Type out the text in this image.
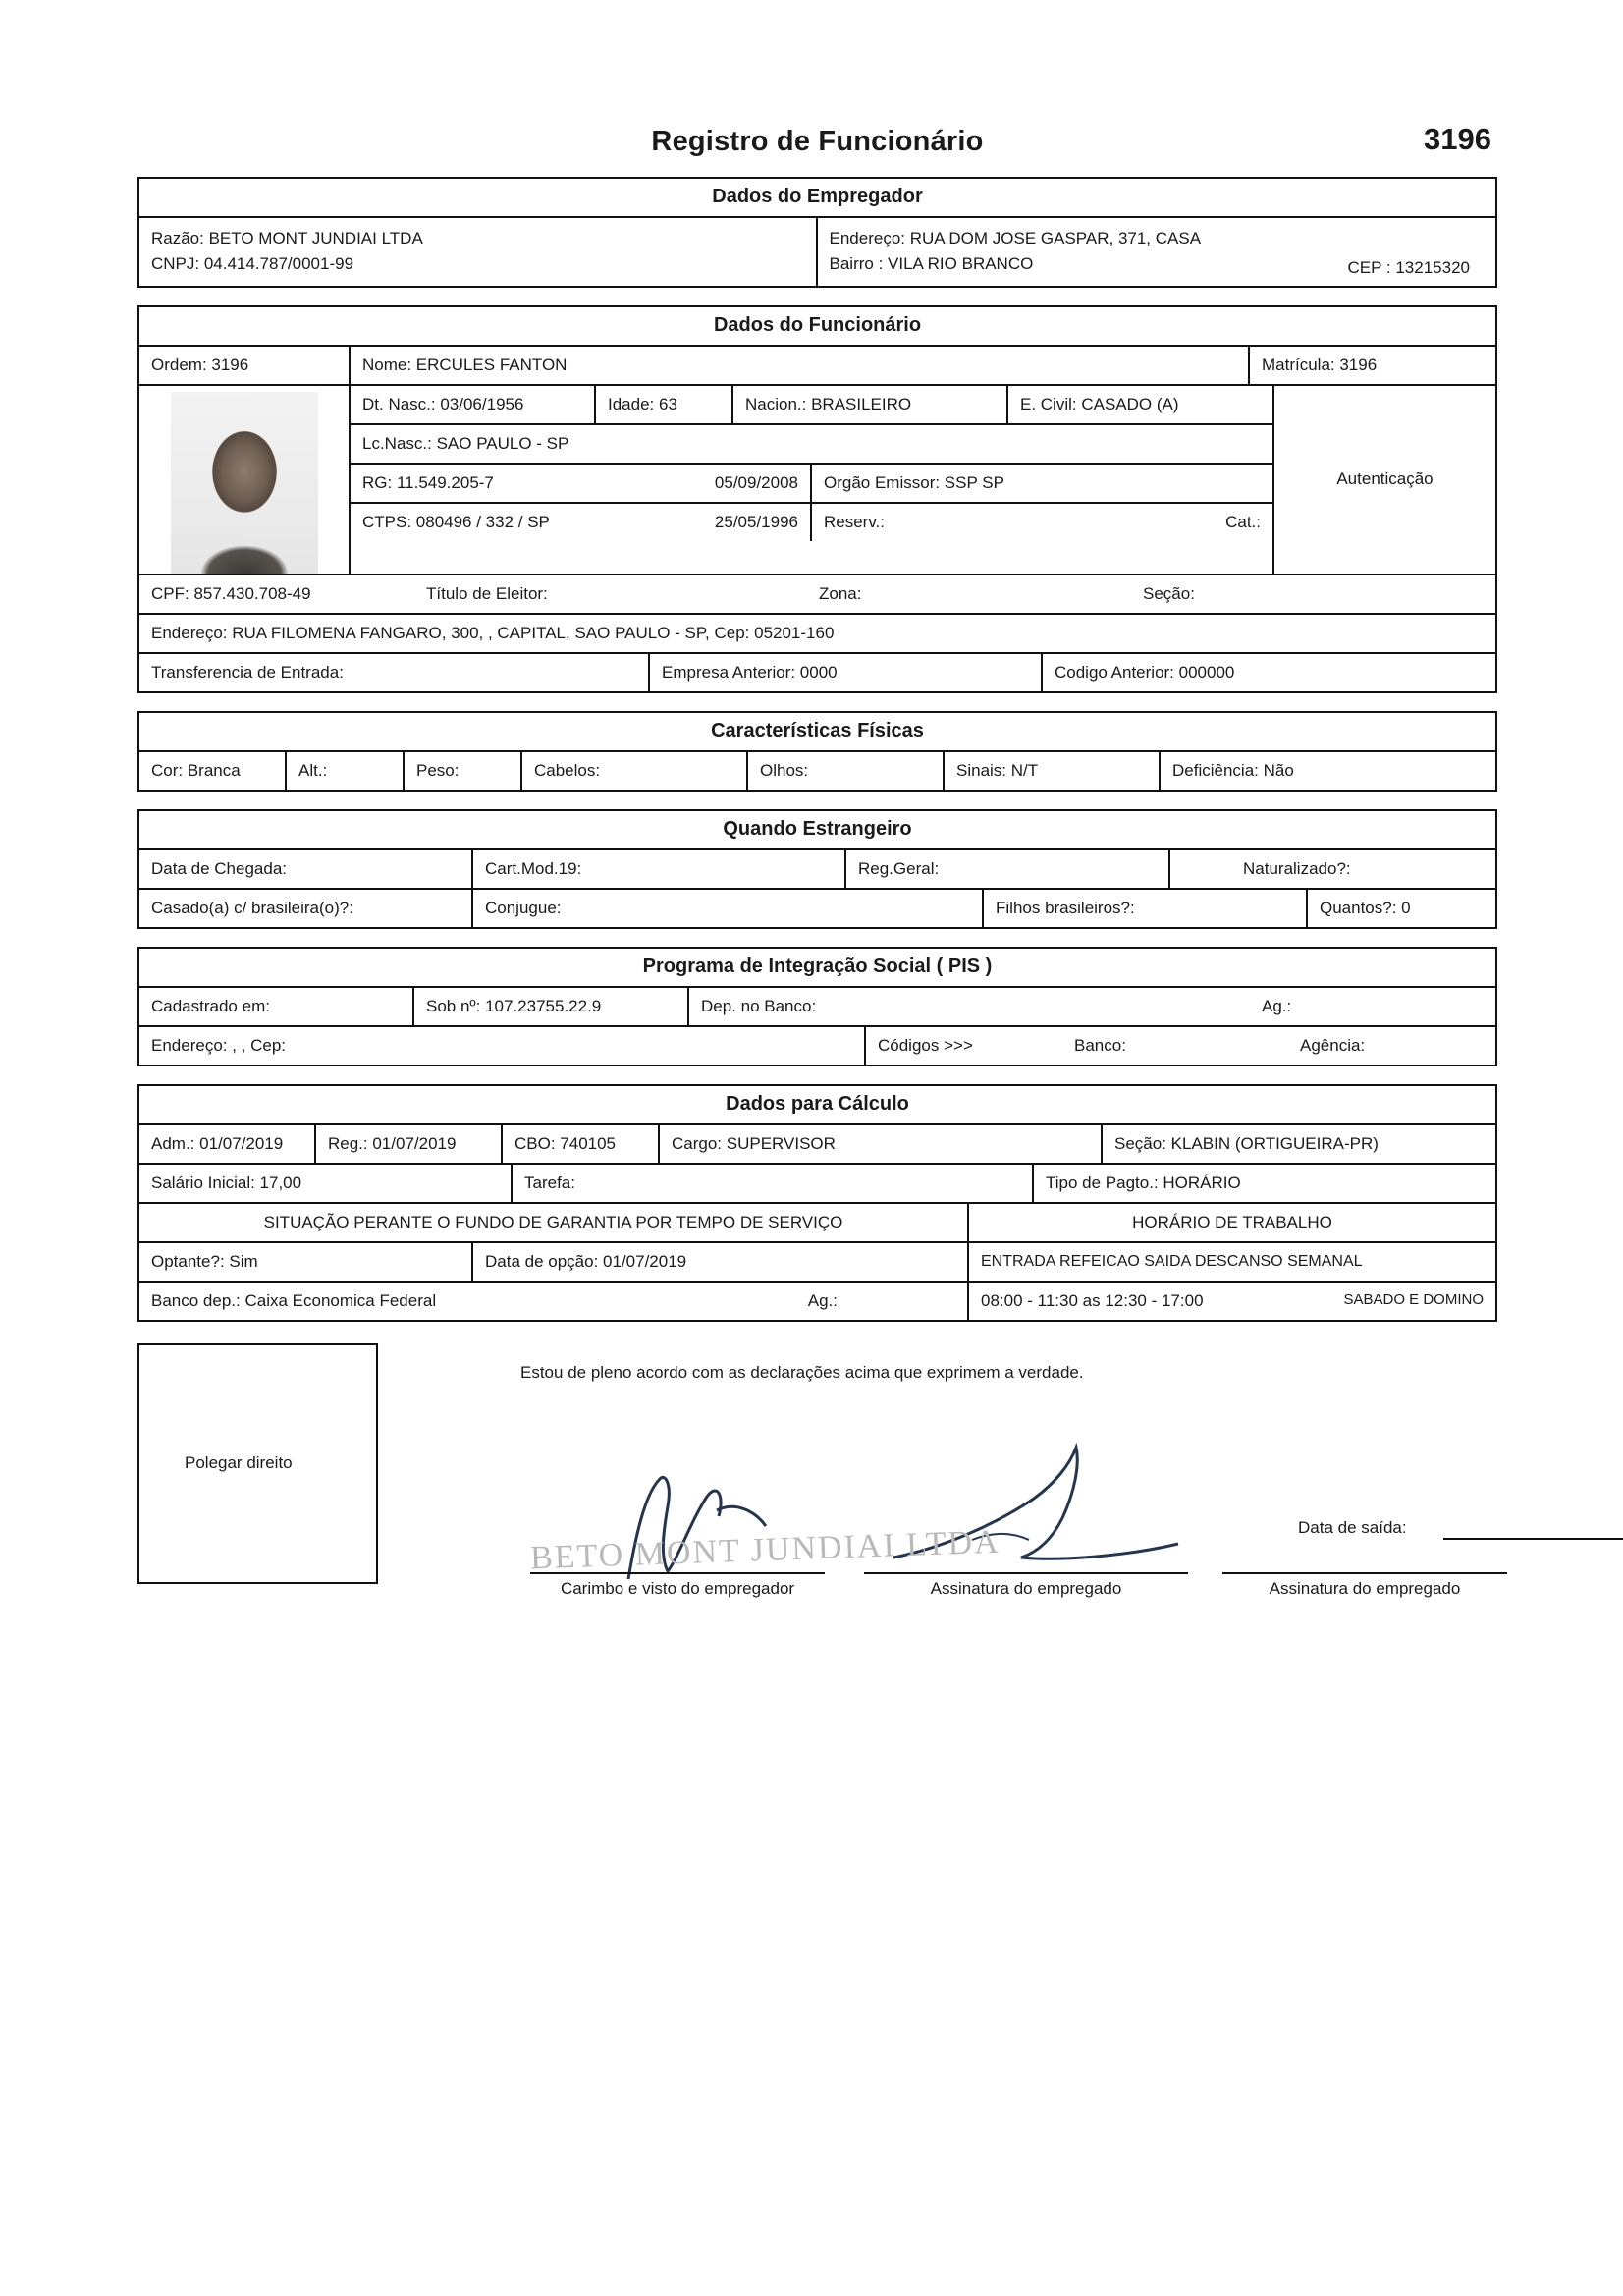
Registro de Funcionário	3196
Dados do Empregador
Razão: BETO MONT JUNDIAI LTDA
CNPJ: 04.414.787/0001-99
Endereço: RUA DOM JOSE GASPAR, 371, CASA
Bairro : VILA RIO BRANCO	CEP : 13215320
Dados do Funcionário
Ordem: 3196	Nome: ERCULES FANTON	Matrícula: 3196
Dt. Nasc.: 03/06/1956	Idade: 63	Nacion.: BRASILEIRO	E. Civil: CASADO (A)
Lc.Nasc.: SAO PAULO - SP
RG: 11.549.205-7	05/09/2008	Orgão Emissor: SSP SP
CTPS: 080496 / 332 / SP	25/05/1996 Reserv.:	Cat.:
Autenticação
CPF: 857.430.708-49	Título de Eleitor:	Zona:	Seção:
Endereço: RUA FILOMENA FANGARO, 300, , CAPITAL, SAO PAULO - SP, Cep: 05201-160
Transferencia de Entrada:	Empresa Anterior: 0000	Codigo Anterior: 000000
Características Físicas
Cor: Branca	Alt.:	Peso:	Cabelos:	Olhos:	Sinais: N/T	Deficiência: Não
Quando Estrangeiro
Data de Chegada:	Cart.Mod.19:	Reg.Geral:	Naturalizado?:
Casado(a) c/ brasileira(o)?:	Conjugue:	Filhos brasileiros?:	Quantos?: 0
Programa de Integração Social ( PIS )
Cadastrado em:	Sob nº: 107.23755.22.9	Dep. no Banco:	Ag.:
Endereço: , , Cep:	Códigos >>>	Banco:	Agência:
Dados para Cálculo
Adm.: 01/07/2019	Reg.: 01/07/2019	CBO: 740105	Cargo: SUPERVISOR	Seção: KLABIN (ORTIGUEIRA-PR)
Salário Inicial: 17,00	Tarefa:	Tipo de Pagto.: HORÁRIO
SITUAÇÃO PERANTE O FUNDO DE GARANTIA POR TEMPO DE SERVIÇO	HORÁRIO DE TRABALHO
Optante?: Sim	Data de opção: 01/07/2019	ENTRADA REFEICAO SAIDA DESCANSO SEMANAL
Banco dep.: Caixa Economica Federal	Ag.:	08:00 - 11:30 as 12:30 - 17:00	SABADO E DOMINO
Polegar direito
Estou de pleno acordo com as declarações acima que exprimem a verdade.
BETO MONT JUNDIAI LTDA	Data de saída:
Carimbo e visto do empregador	Assinatura do empregado	Assinatura do empregado
